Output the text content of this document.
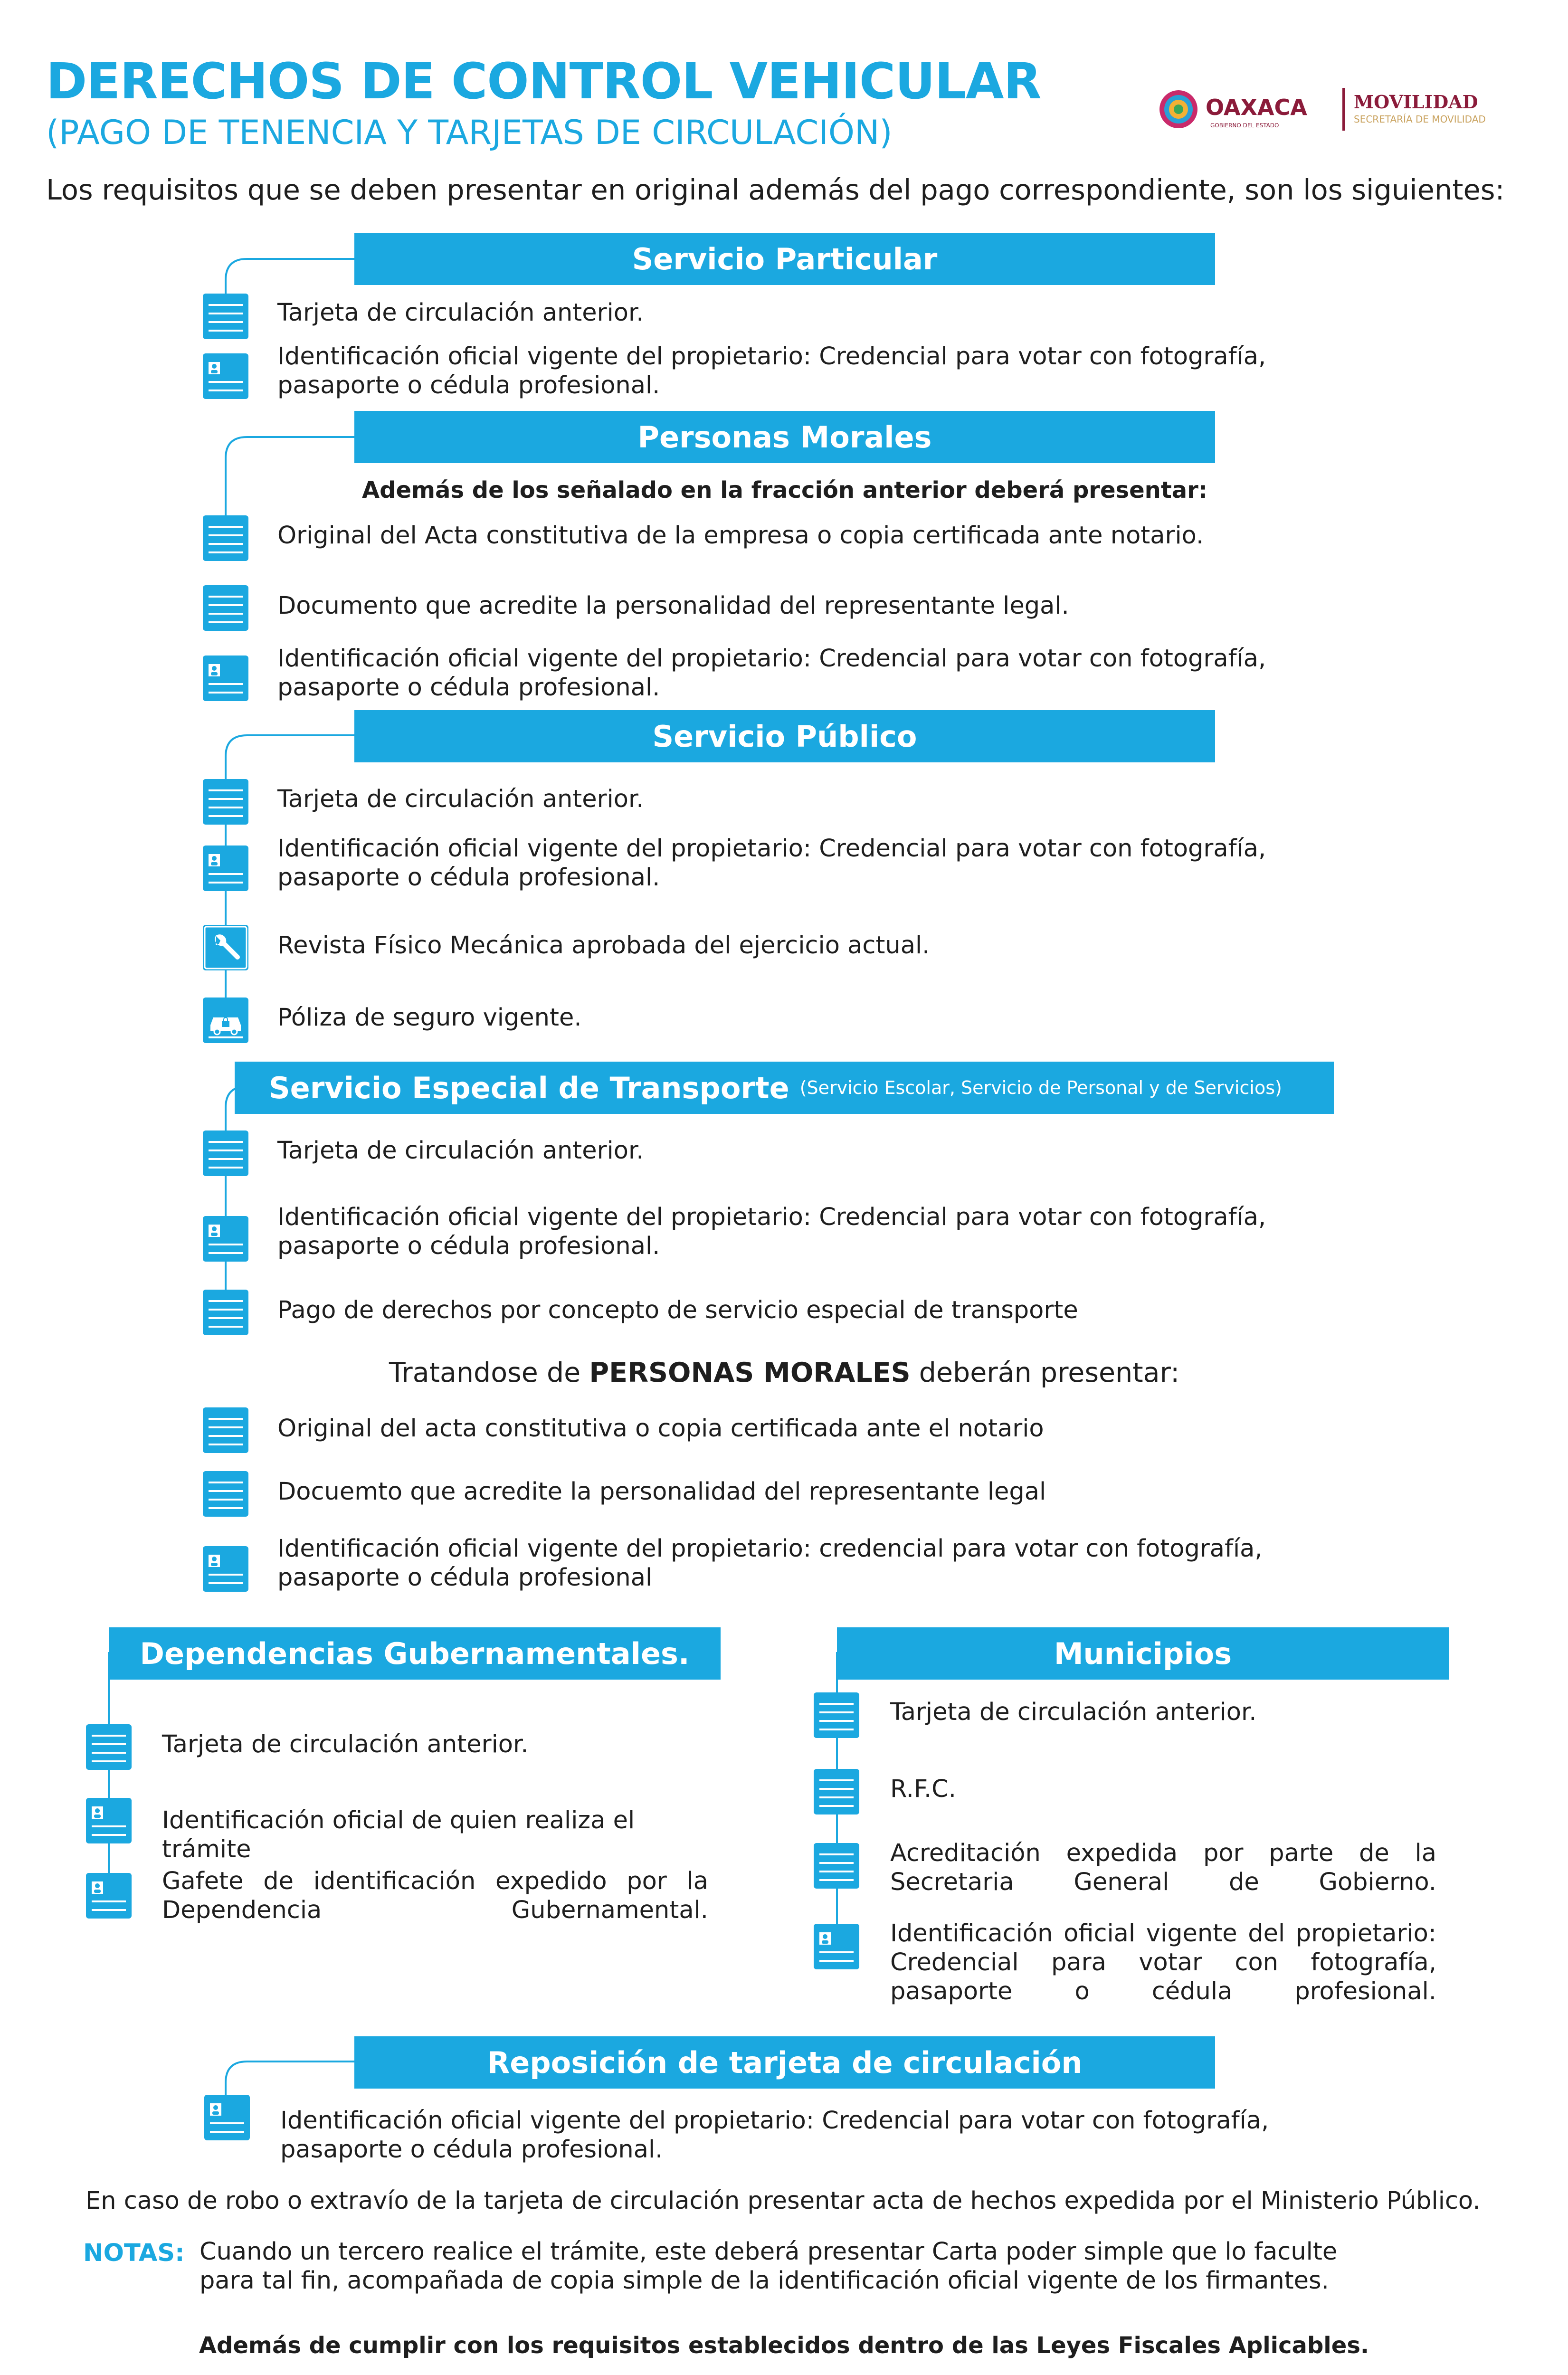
DERECHOS DE CONTROL VEHICULAR
(PAGO DE TENENCIA Y TARJETAS DE CIRCULACIÓN)
OAXACA
GOBIERNO DEL ESTADO
MOVILIDAD
SECRETARÍA DE MOVILIDAD
Los requisitos que se deben presentar en original además del pago correspondiente, son los siguientes:
Servicio Particular
Tarjeta de circulación anterior.
Identificación oficial vigente del propietario: Credencial para votar con fotografía, pasaporte o cédula profesional.
Personas Morales
Además de los señalado en la fracción anterior deberá presentar:
Original del Acta constitutiva de la empresa o copia certificada ante notario.
Documento que acredite la personalidad del representante legal.
Identificación oficial vigente del propietario: Credencial para votar con fotografía, pasaporte o cédula profesional.
Servicio Público
Tarjeta de circulación anterior.
Identificación oficial vigente del propietario: Credencial para votar con fotografía, pasaporte o cédula profesional.
Revista Físico Mecánica aprobada del ejercicio actual.
Póliza de seguro vigente.
Servicio Especial de Transporte (Servicio Escolar, Servicio de Personal y de Servicios)
Tarjeta de circulación anterior.
Identificación oficial vigente del propietario: Credencial para votar con fotografía, pasaporte o cédula profesional.
Pago de derechos por concepto de servicio especial de transporte
Tratandose de PERSONAS MORALES deberán presentar:
Original del acta constitutiva o copia certificada ante el notario
Docuemto que acredite la personalidad del representante legal
Identificación oficial vigente del propietario: credencial para votar con fotografía, pasaporte o cédula profesional
Dependencias Gubernamentales.
Tarjeta de circulación anterior.
Identificación oficial de quien realiza el trámite
Gafete de identificación expedido por la Dependencia Gubernamental.
Municipios
Tarjeta de circulación anterior.
R.F.C.
Acreditación expedida por parte de la Secretaria General de Gobierno.
Identificación oficial vigente del propietario: Credencial para votar con fotografía, pasaporte o cédula profesional.
Reposición de tarjeta de circulación
Identificación oficial vigente del propietario: Credencial para votar con fotografía, pasaporte o cédula profesional.
En caso de robo o extravío de la tarjeta de circulación presentar acta de hechos expedida por el Ministerio Público.
NOTAS: Cuando un tercero realice el trámite, este deberá presentar Carta poder simple que lo faculte para tal fin, acompañada de copia simple de la identificación oficial vigente de los firmantes.
Además de cumplir con los requisitos establecidos dentro de las Leyes Fiscales Aplicables.
